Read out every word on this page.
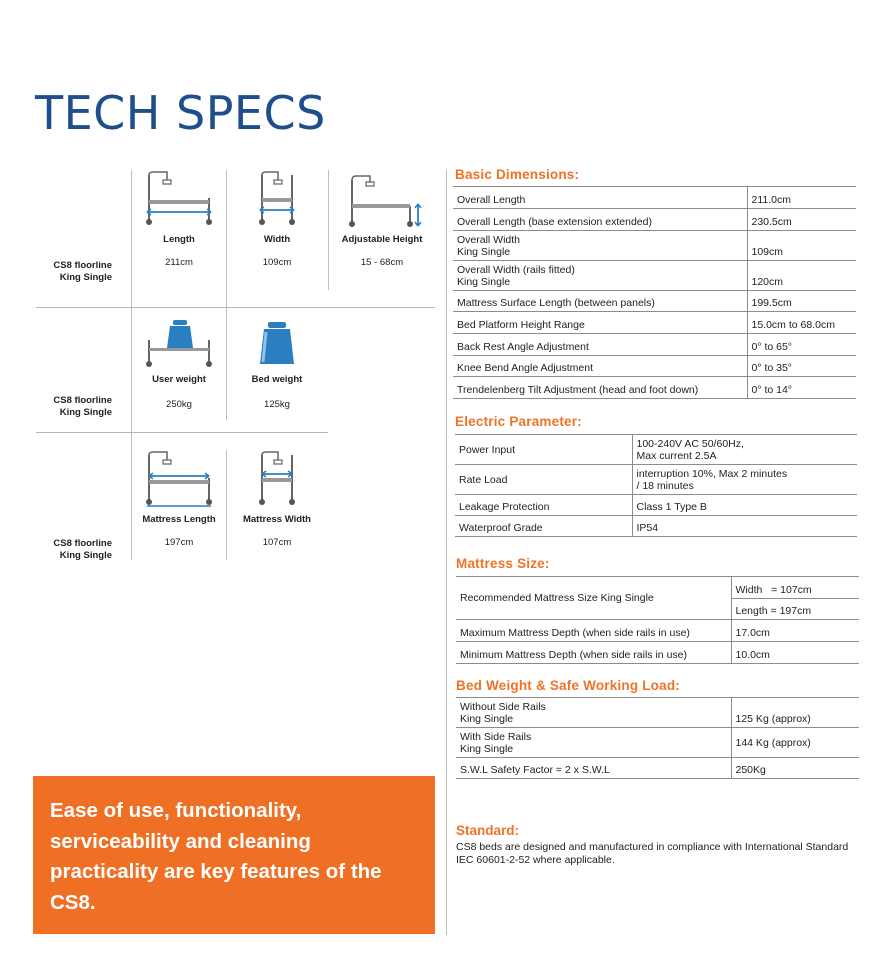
TECH SPECS
CS8 floorline
King Single
Length
211cm
Width
109cm
Adjustable Height
15 - 68cm
CS8 floorline
King Single
User weight
250kg
Bed weight
125kg
CS8 floorline
King Single
Mattress Length
197cm
Mattress Width
107cm
Basic Dimensions:
Overall Length	211.0cm
Overall Length (base extension extended)	230.5cm

Overall Width
King Single	109cm

Overall Width (rails fitted)
King Single	120cm
Mattress Surface Length (between panels)	199.5cm
Bed Platform Height Range	15.0cm to 68.0cm
Back Rest Angle Adjustment	0° to 65°
Knee Bend Angle Adjustment	0° to 35°
Trendelenberg Tilt Adjustment (head and foot down)	0° to 14°
Electric Parameter:
Power Input	100-240V AC 50/60Hz,
Max current 2.5A

Rate Load	interruption 10%, Max 2 minutes
/ 18 minutes

Leakage Protection	Class 1 Type B
Waterproof Grade	IP54
Mattress Size:
Recommended Mattress Size King Single	Width   = 107cm
	Length = 197cm
Maximum Mattress Depth (when side rails in use)	17.0cm
Minimum Mattress Depth (when side rails in use)	10.0cm
Bed Weight & Safe Working Load:
Without Side Rails
King Single	125 Kg (approx)

With Side Rails
King Single	144 Kg (approx)
S.W.L Safety Factor = 2 x S.W.L	250Kg
Ease of use, functionality, serviceability and cleaning practicality are key features of the CS8.
Standard:
CS8 beds are designed and manufactured in compliance with International Standard IEC 60601-2-52 where applicable.
